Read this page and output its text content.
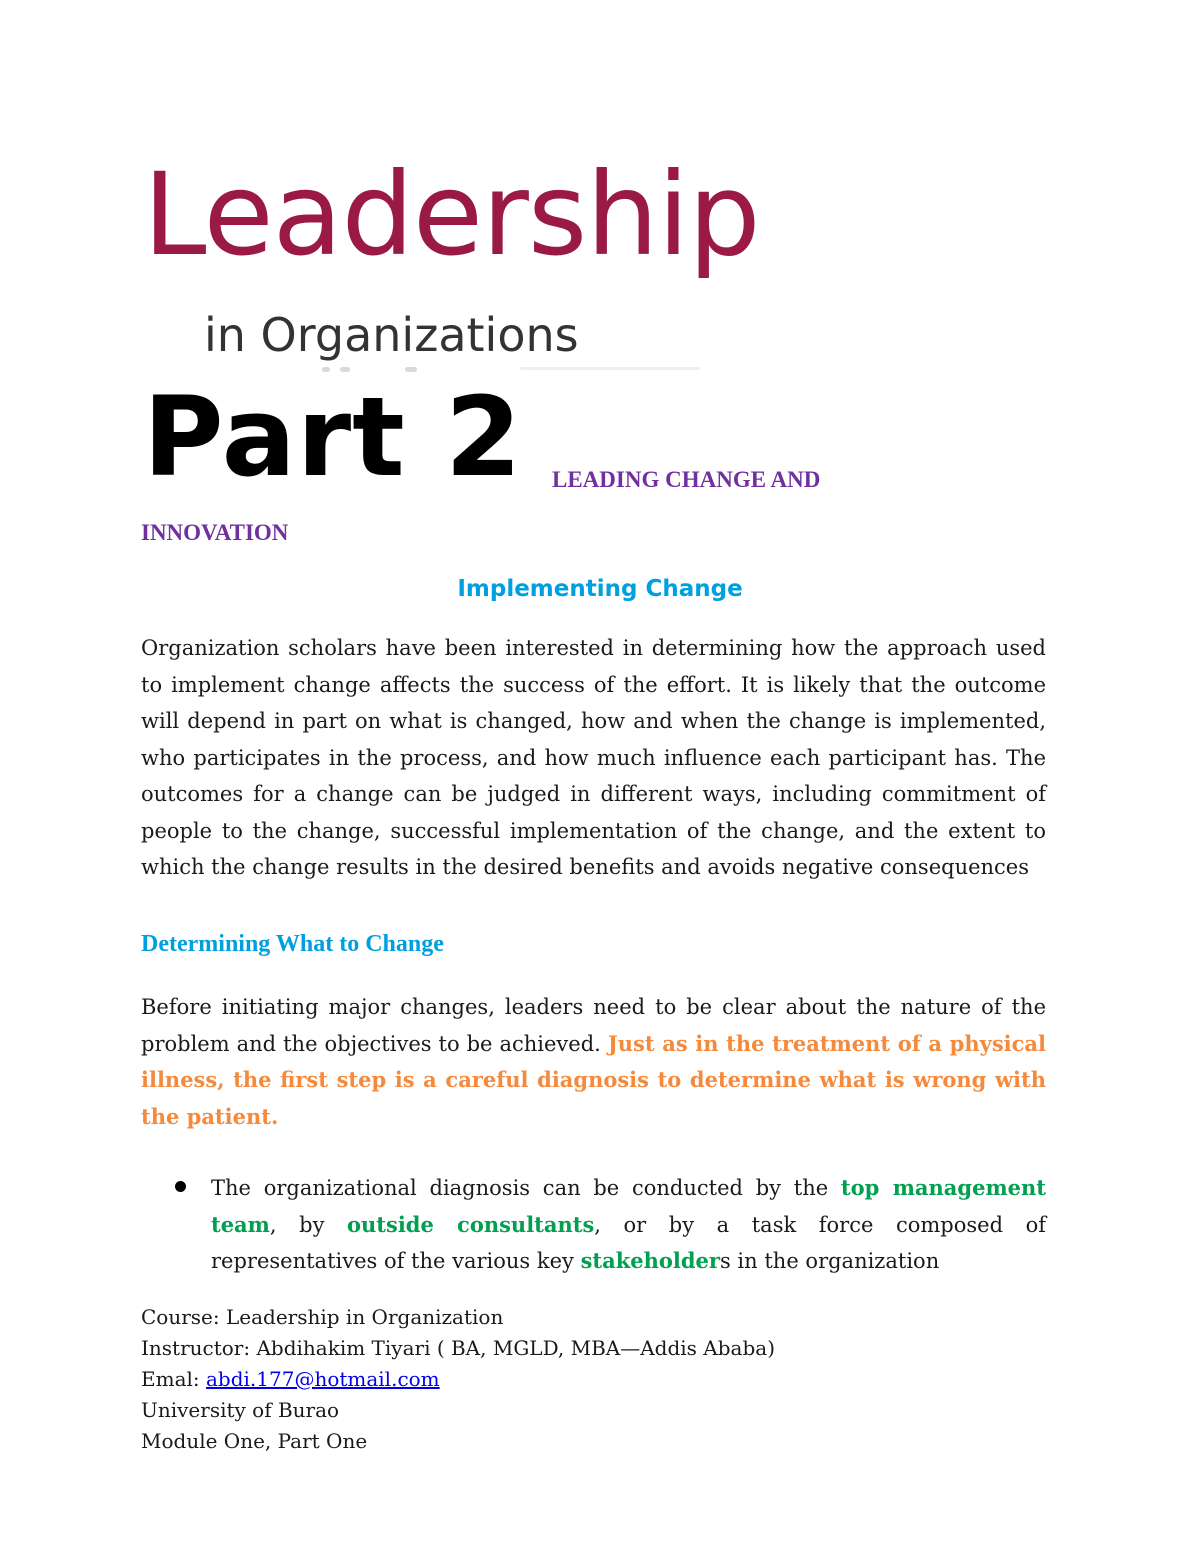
Leadership
in Organizations
Part 2 LEADING CHANGE AND
INNOVATION
Implementing Change
Organization scholars have been interested in determining how the approach used to implement change affects the success of the effort. It is likely that the outcome will depend in part on what is changed, how and when the change is implemented, who participates in the process, and how much influence each participant has. The outcomes for a change can be judged in different ways, including commitment of people to the change, successful implementation of the change, and the extent to which the change results in the desired benefits and avoids negative consequences
Determining What to Change
Before initiating major changes, leaders need to be clear about the nature of the problem and the objectives to be achieved. Just as in the treatment of a physical illness, the first step is a careful diagnosis to determine what is wrong with the patient.
The organizational diagnosis can be conducted by the top management team, by outside consultants, or by a task force composed of representatives of the various key stakeholders in the organization
Course: Leadership in Organization
Instructor: Abdihakim Tiyari ( BA, MGLD, MBA—Addis Ababa)
Emal: abdi.177@hotmail.com
University of Burao
Module One, Part One
